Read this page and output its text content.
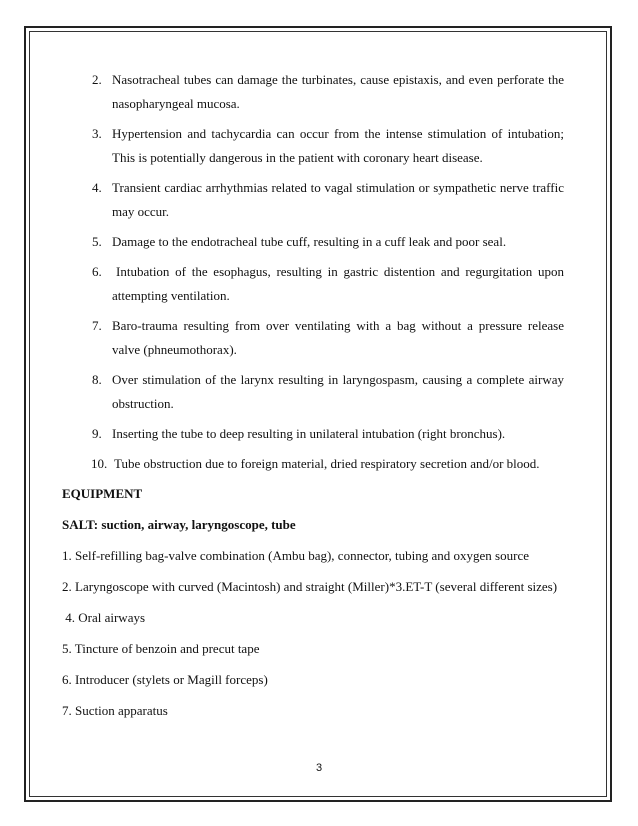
2. Nasotracheal tubes can damage the turbinates, cause epistaxis, and even perforate the nasopharyngeal mucosa.
3. Hypertension and tachycardia can occur from the intense stimulation of intubation; This is potentially dangerous in the patient with coronary heart disease.
4. Transient cardiac arrhythmias related to vagal stimulation or sympathetic nerve traffic may occur.
5. Damage to the endotracheal tube cuff, resulting in a cuff leak and poor seal.
6. Intubation of the esophagus, resulting in gastric distention and regurgitation upon attempting ventilation.
7. Baro-trauma resulting from over ventilating with a bag without a pressure release valve (phneumothorax).
8. Over stimulation of the larynx resulting in laryngospasm, causing a complete airway obstruction.
9. Inserting the tube to deep resulting in unilateral intubation (right bronchus).
10. Tube obstruction due to foreign material, dried respiratory secretion and/or blood.
EQUIPMENT
SALT: suction, airway, laryngoscope, tube
1. Self-refilling bag-valve combination (Ambu bag), connector, tubing and oxygen source
2. Laryngoscope with curved (Macintosh) and straight (Miller)*3.ET-T (several different sizes)
4. Oral airways
5. Tincture of benzoin and precut tape
6. Introducer (stylets or Magill forceps)
7. Suction apparatus
3
